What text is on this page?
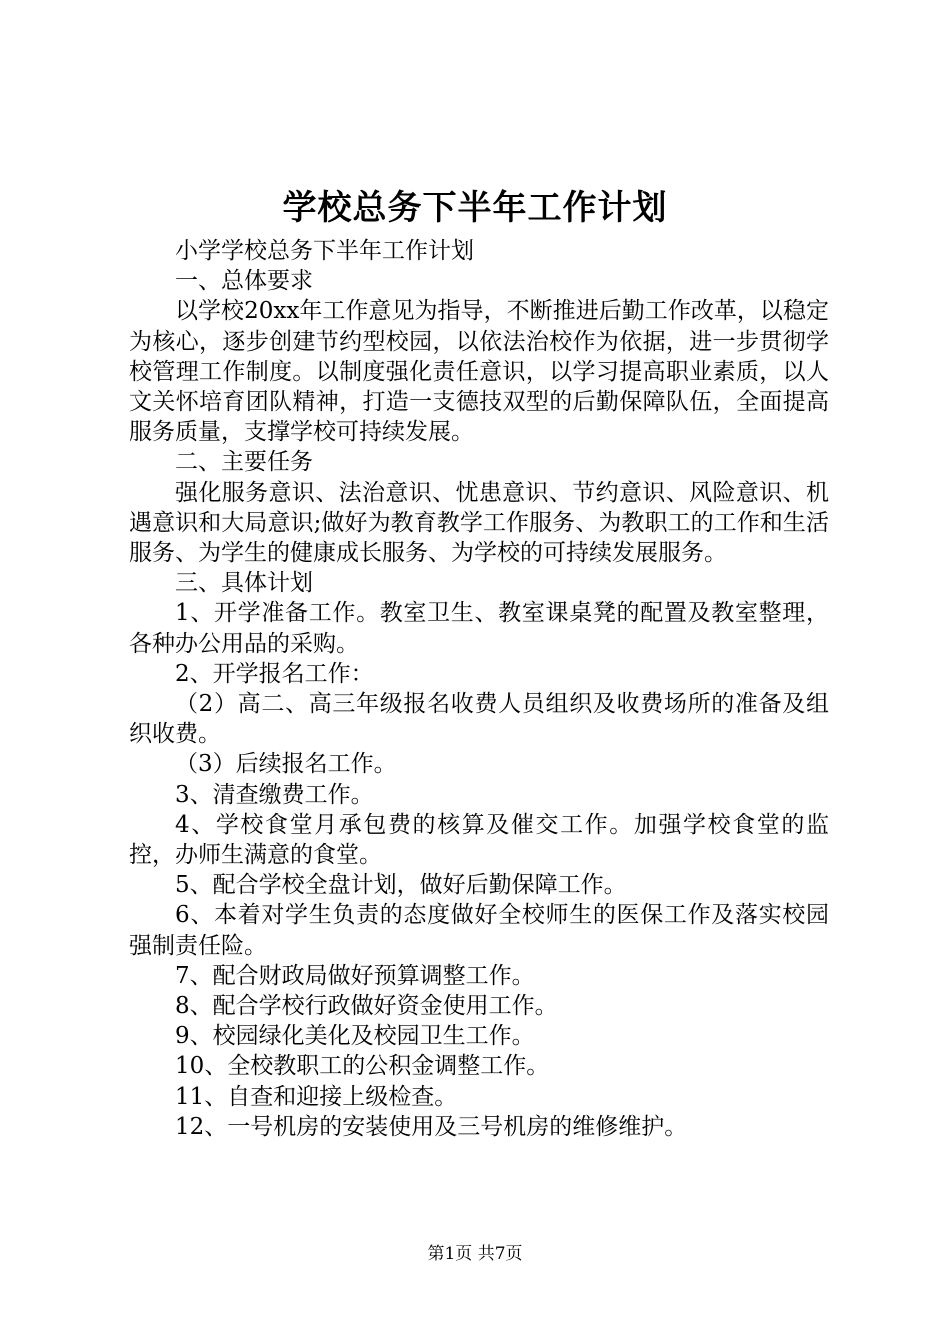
学校总务下半年工作计划

小学学校总务下半年工作计划

一、总体要求

以学校20xx年工作意见为指导，不断推进后勤工作改革，以稳定为核心，逐步创建节约型校园，以依法治校作为依据，进一步贯彻学校管理工作制度。以制度强化责任意识，以学习提高职业素质，以人文关怀培育团队精神，打造一支德技双型的后勤保障队伍，全面提高服务质量，支撑学校可持续发展。

二、主要任务

强化服务意识、法治意识、忧患意识、节约意识、风险意识、机遇意识和大局意识;做好为教育教学工作服务、为教职工的工作和生活服务、为学生的健康成长服务、为学校的可持续发展服务。

三、具体计划

1、开学准备工作。教室卫生、教室课桌凳的配置及教室整理，各种办公用品的采购。

2、开学报名工作：

（2）高二、高三年级报名收费人员组织及收费场所的准备及组织收费。

（3）后续报名工作。

3、清查缴费工作。

4、学校食堂月承包费的核算及催交工作。加强学校食堂的监控，办师生满意的食堂。

5、配合学校全盘计划，做好后勤保障工作。

6、本着对学生负责的态度做好全校师生的医保工作及落实校园强制责任险。

7、配合财政局做好预算调整工作。

8、配合学校行政做好资金使用工作。

9、校园绿化美化及校园卫生工作。

10、全校教职工的公积金调整工作。

11、自查和迎接上级检查。

12、一号机房的安装使用及三号机房的维修维护。

第1页 共7页
